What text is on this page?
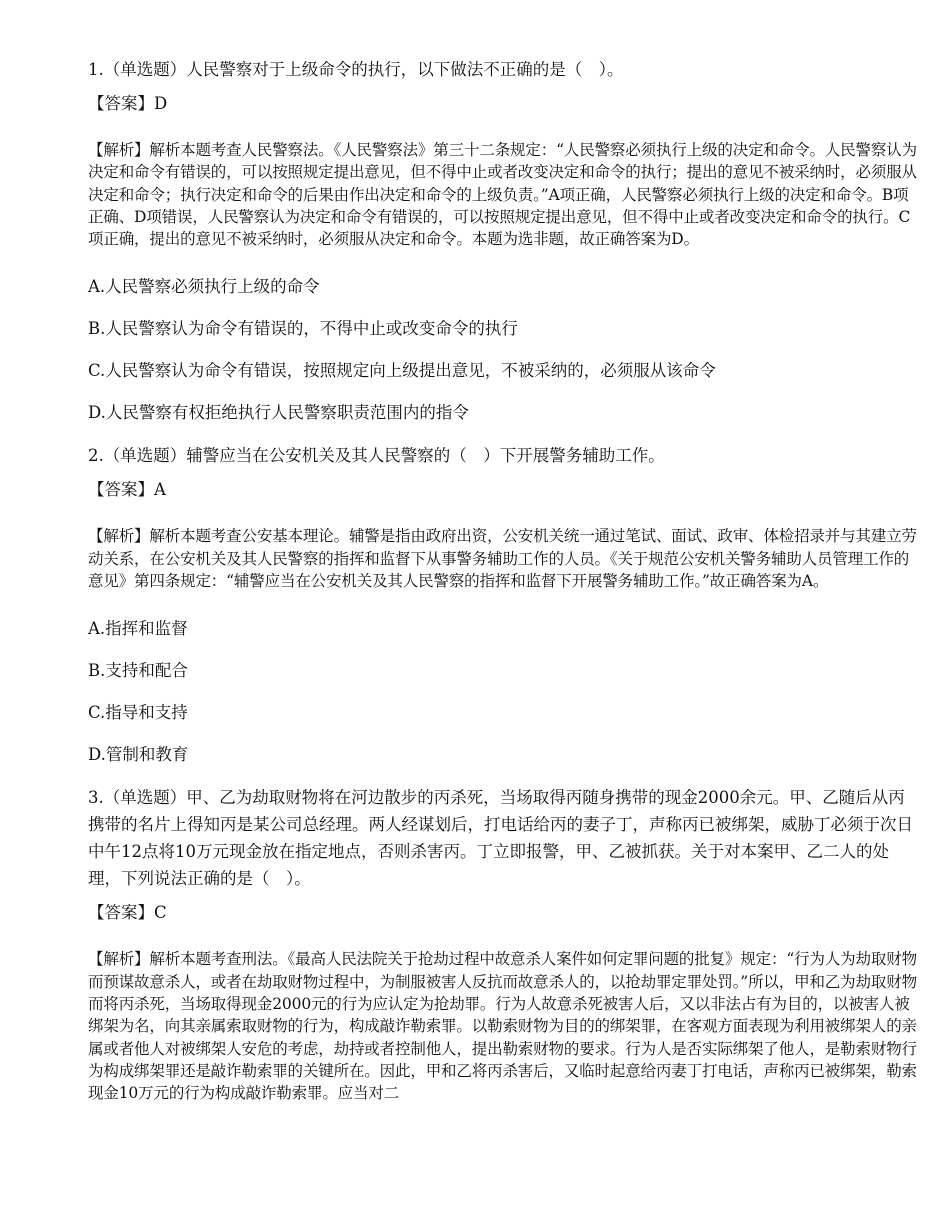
1.（单选题）人民警察对于上级命令的执行，以下做法不正确的是（　）。

【答案】D

【解析】解析本题考查人民警察法。《人民警察法》第三十二条规定：“人民警察必须执行上级的决定和命令。人民警察认为决定和命令有错误的，可以按照规定提出意见，但不得中止或者改变决定和命令的执行；提出的意见不被采纳时，必须服从决定和命令；执行决定和命令的后果由作出决定和命令的上级负责。”A项正确，人民警察必须执行上级的决定和命令。B项正确、D项错误，人民警察认为决定和命令有错误的，可以按照规定提出意见，但不得中止或者改变决定和命令的执行。C项正确，提出的意见不被采纳时，必须服从决定和命令。本题为选非题，故正确答案为D。

A.人民警察必须执行上级的命令

B.人民警察认为命令有错误的，不得中止或改变命令的执行

C.人民警察认为命令有错误，按照规定向上级提出意见，不被采纳的，必须服从该命令

D.人民警察有权拒绝执行人民警察职责范围内的指令

2.（单选题）辅警应当在公安机关及其人民警察的（　）下开展警务辅助工作。

【答案】A

【解析】解析本题考查公安基本理论。辅警是指由政府出资，公安机关统一通过笔试、面试、政审、体检招录并与其建立劳动关系，在公安机关及其人民警察的指挥和监督下从事警务辅助工作的人员。《关于规范公安机关警务辅助人员管理工作的意见》第四条规定：“辅警应当在公安机关及其人民警察的指挥和监督下开展警务辅助工作。”故正确答案为A。

A.指挥和监督

B.支持和配合

C.指导和支持

D.管制和教育

3.（单选题）甲、乙为劫取财物将在河边散步的丙杀死，当场取得丙随身携带的现金2000余元。甲、乙随后从丙携带的名片上得知丙是某公司总经理。两人经谋划后，打电话给丙的妻子丁，声称丙已被绑架，威胁丁必须于次日中午12点将10万元现金放在指定地点，否则杀害丙。丁立即报警，甲、乙被抓获。关于对本案甲、乙二人的处理，下列说法正确的是（　）。

【答案】C

【解析】解析本题考查刑法。《最高人民法院关于抢劫过程中故意杀人案件如何定罪问题的批复》规定：“行为人为劫取财物而预谋故意杀人，或者在劫取财物过程中，为制服被害人反抗而故意杀人的，以抢劫罪定罪处罚。”所以，甲和乙为劫取财物而将丙杀死，当场取得现金2000元的行为应认定为抢劫罪。行为人故意杀死被害人后，又以非法占有为目的，以被害人被绑架为名，向其亲属索取财物的行为，构成敲诈勒索罪。以勒索财物为目的的绑架罪，在客观方面表现为利用被绑架人的亲属或者他人对被绑架人安危的考虑，劫持或者控制他人，提出勒索财物的要求。行为人是否实际绑架了他人，是勒索财物行为构成绑架罪还是敲诈勒索罪的关键所在。因此，甲和乙将丙杀害后，又临时起意给丙妻丁打电话，声称丙已被绑架，勒索现金10万元的行为构成敲诈勒索罪。应当对二
